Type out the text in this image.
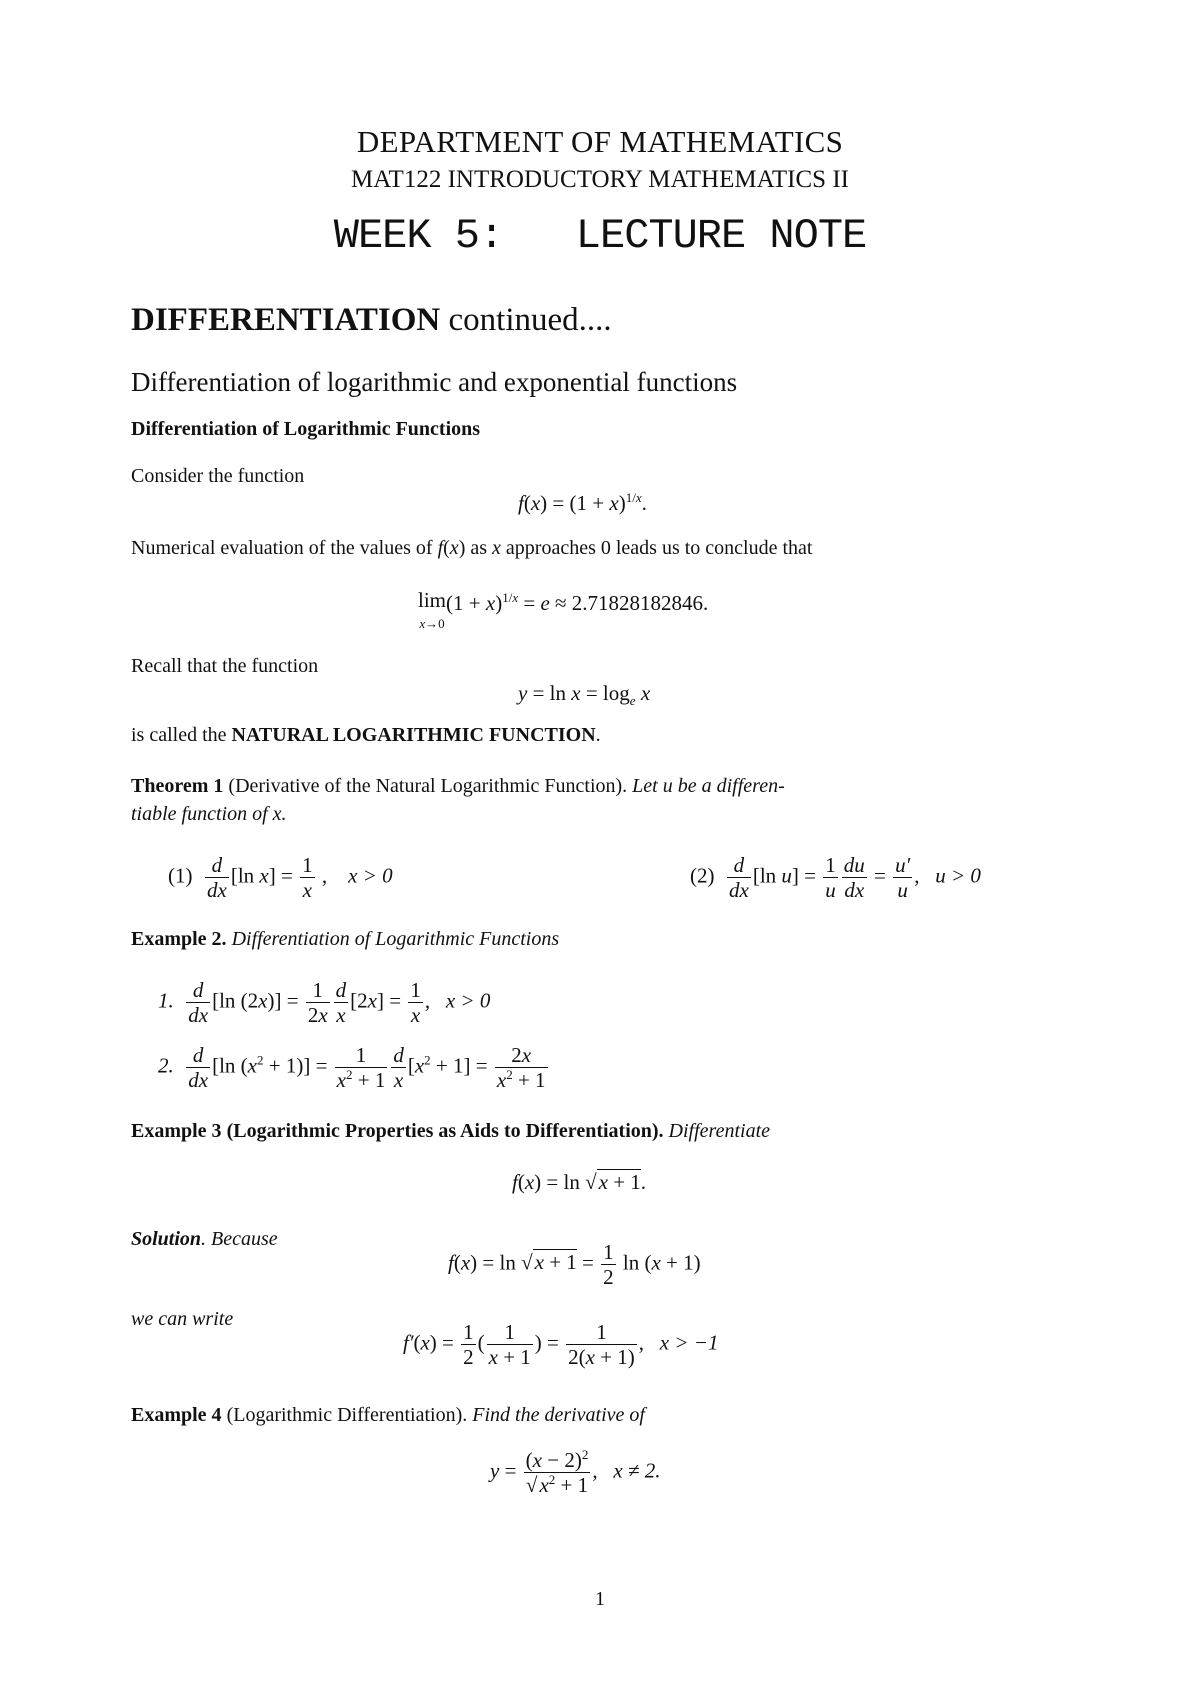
DEPARTMENT OF MATHEMATICS
MAT122 INTRODUCTORY MATHEMATICS II
WEEK 5:   LECTURE NOTE
DIFFERENTIATION continued....
Differentiation of logarithmic and exponential functions
Differentiation of Logarithmic Functions
Consider the function
$f(x) = (1 + x)^{1/x}$.
Numerical evaluation of the values of f(x) as x approaches 0 leads us to conclude that
lim
$x\to 0(1 + x)^{1/x} = e \approx 2.71828182846$.
Recall that the function
$y = \ln x = \log_e x$
is called the NATURAL LOGARITHMIC FUNCTION.
Theorem 1 (Derivative of the Natural Logarithmic Function). Let u be a differen-
tiable function of x.
$(1) \frac{d}{dx} [\ln$ $x] = \frac{1}{x}$ ,    x > 0	$(2) \frac{d}{dx} [\ln$ $u] = \frac{1}{u} \frac{du}{dx} = \frac{u'}{u}$ ,   u > 0
Example 2. Differentiation of Logarithmic Functions
1. $\frac{d}{dx} [\ln$ $(2x)] = \frac{1}{2x} \frac{d}{x} [2x] = \frac{1}{x}$ ,   x > 0
2. $\frac{d}{dx} [\ln$ $(x^2 + 1)] = \frac{1}{x^2 + 1} \frac{d}{x} [x^2 + 1] = \frac{2x}{x^2 + 1}$
Example 3 (Logarithmic Properties as Aids to Differentiation). Differentiate
f(x) = ln √x + 1.
Solution. Because
$f(x) = \ln √x + 1 = \frac{1}{2}$ ln (x + 1)
we can write
$f'(x) = \frac{1}{2}$ ( $\frac{1}{x + 1}$ ) = $\frac{1}{2(x + 1)}$ ,   x > −1
Example 4 (Logarithmic Differentiation). Find the derivative of
$y = \frac{(x - 2)^2}{√x^2 + 1}$ ,   x ≠ 2.
1
